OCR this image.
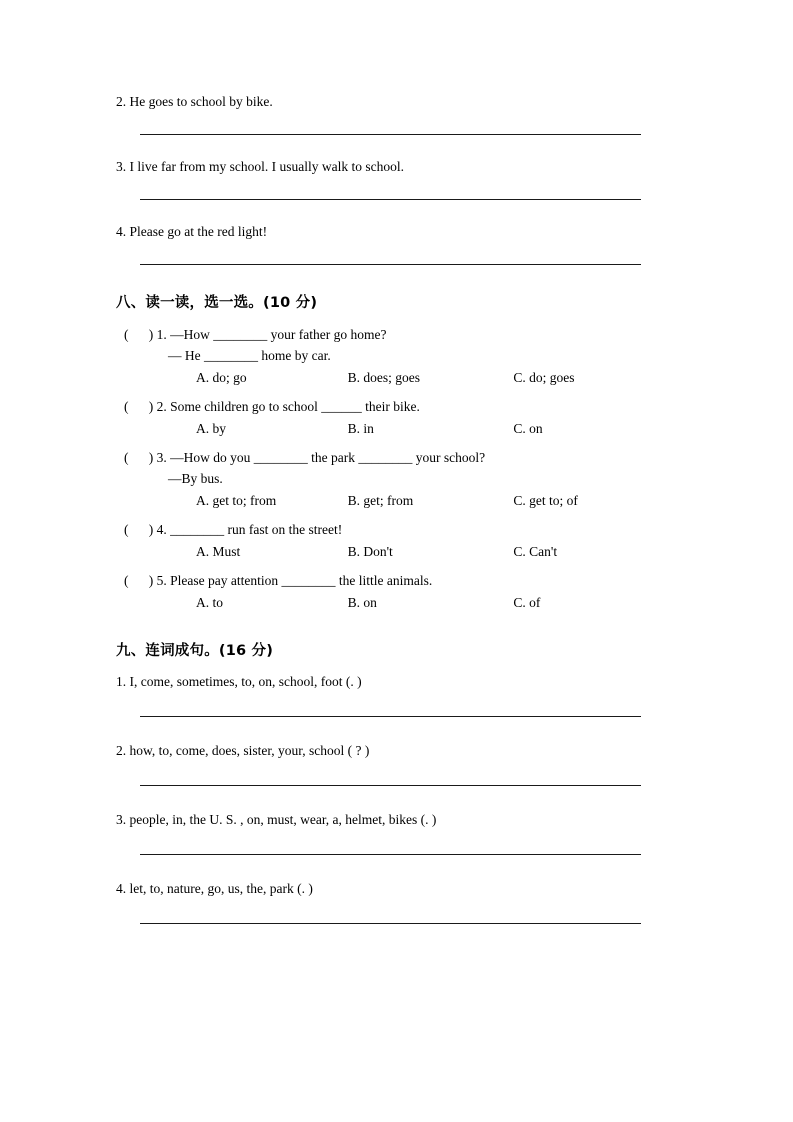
2. He goes to school by bike.

3. I live far from my school. I usually walk to school.

4. Please go at the red light!

八、读一读，选一选。(10 分)
( ) 1. —How ________ your father go home?
— He ________ home by car.
A. do; go	B. does; goes	C. do; goes
( ) 2. Some children go to school ______ their bike.
A. by	B. in	C. on
( ) 3. —How do you ________ the park ________ your school?
—By bus.
A. get to; from	B. get; from	C. get to; of
( ) 4. ________ run fast on the street!
A. Must	B. Don't	C. Can't
( ) 5. Please pay attention ________ the little animals.
A. to	B. on	C. of
九、连词成句。(16 分)

1. I, come, sometimes, to, on, school, foot (. )

2. how, to, come, does, sister, your, school ( ? )

3. people, in, the U. S. , on, must, wear, a, helmet, bikes (. )

4. let, to, nature, go, us, the, park (. )
